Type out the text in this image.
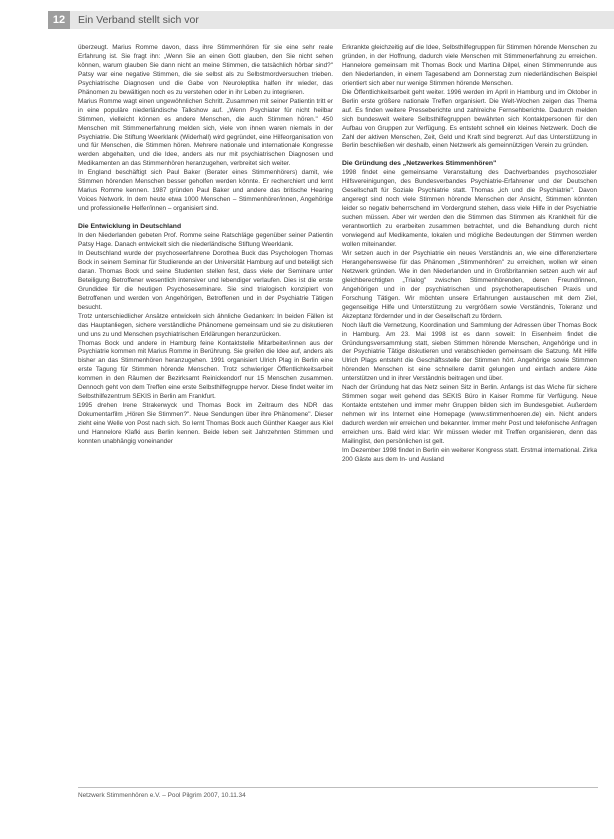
12	Ein Verband stellt sich vor

überzeugt. Marius Romme davon, dass ihre Stimmenhören für sie eine sehr reale Erfahrung ist. Sie fragt ihn: „Wenn Sie an einen Gott glauben, den Sie nicht sehen können, warum glauben Sie dann nicht an meine Stimmen, die tatsächlich hörbar sind?" Patsy war eine negative Stimmen, die sie selbst als zu Selbstmordversuchen trieben. Psychiatrische Diagnosen und die Gabe von Neuroleptika halfen ihr wieder, das Phänomen zu bewältigen noch es zu verstehen oder in ihr Leben zu integrieren.

Marius Romme wagt einen ungewöhnlichen Schritt. Zusammen mit seiner Patientin tritt er in eine populäre niederländische Talkshow auf. „Wenn Psychiater für nicht heilbar Stimmen, vielleicht können es andere Menschen, die auch Stimmen hören." 450 Menschen mit Stimmenerfahrung melden sich, viele von ihnen waren niemals in der Psychiatrie. Die Stiftung Weerklank (Widerhall) wird gegründet, eine Hilfeorganisation von und für Menschen, die Stimmen hören. Mehrere nationale und internationale Kongresse werden abgehalten, und die Idee, anders als nur mit psychiatrischen Diagnosen und Medikamenten an das Stimmenhören heranzugehen, verbreitet sich weiter.

In England beschäftigt sich Paul Baker (Berater eines Stimmenhörers) damit, wie Stimmen hörenden Menschen besser geholfen werden könnte. Er recherchiert und lernt Marius Romme kennen. 1987 gründen Paul Baker und andere das britische Hearing Voices Network. In dem heute etwa 1000 Menschen – Stimmenhörer/innen, Angehörige und professionelle Helfer/innen – organisiert sind.

Die Entwicklung in Deutschland

In den Niederlanden gebeten Prof. Romme seine Ratschläge gegenüber seiner Patientin Patsy Hage. Danach entwickelt sich die niederländische Stiftung Weerklank.

In Deutschland wurde der psychoseerfahrene Dorothea Buck das Psychologen Thomas Bock in seinem Seminar für Studierende an der Universität Hamburg auf und beteiligt sich daran. Thomas Bock und seine Studenten stellen fest, dass viele der Seminare unter Beteiligung Betroffener wesentlich intensiver und lebendiger verlaufen. Dies ist die erste Grundidee für die heutigen Psychoseseminare. Sie sind trialogisch konzipiert von Betroffenen und werden von Angehörigen, Betroffenen und in der Psychiatrie Tätigen besucht.

Trotz unterschiedlicher Ansätze entwickeln sich ähnliche Gedanken: In beiden Fällen ist das Hauptanliegen, sichere verständliche Phänomene gemeinsam und sie zu diskutieren und uns zu und Menschen psychiatrischen Erklärungen heranzurücken.

Thomas Bock und andere in Hamburg feine Kontaktstelle Mitarbeiter/innen aus der Psychiatrie kommen mit Marius Romme in Berührung. Sie greifen die Idee auf, anders als bisher an das Stimmenhören heranzugehen. 1991 organisiert Ulrich Plag in Berlin eine erste Tagung für Stimmen hörende Menschen. Trotz schwieriger Öffentlichkeitsarbeit kommen in den Räumen der Bezirksamt Reinickendorf nur 15 Menschen zusammen. Dennoch geht von dem Treffen eine erste Selbsthilfegruppe hervor. Diese findet weiter im Selbsthilfezentrum SEKIS in Berlin am Frankfurt.

1995 drehen Irene Strakerwyck und Thomas Bock im Zeitraum des NDR das Dokumentarfilm „Hören Sie Stimmen?". Neue Sendungen über ihre Phänomene". Dieser zieht eine Welle von Post nach sich. So lernt Thomas Bock auch Günther Kaeger aus Kiel und Hannelore Klafki aus Berlin kennen. Beide leben seit Jahrzehnten Stimmen und konnten unabhängig voneinander

Erkrankte gleichzeitig auf die Idee, Selbsthilfegruppen für Stimmen hörende Menschen zu gründen, in der Hoffnung, dadurch viele Menschen mit Stimmenerfahrung zu erreichen. Hannelore gemeinsam mit Thomas Bock und Martina Dilpel, einen Stimmenrunde aus den Niederlanden, in einem Tagesabend am Donnerstag zum niederländischen Beispiel orientiert sich aber nur wenige Stimmen hörende Menschen.

Die Öffentlichkeitsarbeit geht weiter. 1996 werden im April in Hamburg und im Oktober in Berlin erste größere nationale Treffen organisiert. Die Welt-Wochen zeigen das Thema auf. Es finden weitere Presseberichte und zahlreiche Fernsehberichte. Dadurch melden sich bundesweit weitere Selbsthilfegruppen bewährten sich Kontaktpersonen für den Aufbau von Gruppen zur Verfügung. Es entsteht schnell ein kleines Netzwerk. Doch die Zahl der aktiven Menschen, Zeit, Geld und Kraft sind begrenzt. Auf das Unterstützung in Berlin beschließen wir deshalb, einen Netzwerk als gemeinnützigen Verein zu gründen.

Die Gründung des „Netzwerkes Stimmenhören"

1998 findet eine gemeinsame Veranstaltung des Dachverbandes psychosozialer Hilfsvereinigungen, des Bundesverbandes Psychiatrie-Erfahrener und der Deutschen Gesellschaft für Soziale Psychiatrie statt. Thomas „ich und die Psychiatrie". Davon angeregt sind noch viele Stimmen hörende Menschen der Ansicht, Stimmen könnten leider so negativ beherrschend im Vordergrund stehen, dass viele Hilfe in der Psychiatrie suchen müssen. Aber wir werden den die Stimmen das Stimmen als Krankheit für die verantwortlich zu erarbeiten zusammen betrachtet, und die Behandlung durch nicht vorwiegend auf Medikamente, lokalen und mögliche Bedeutungen der Stimmen werden wollen miteinander.

Wir setzen auch in der Psychiatrie ein neues Verständnis an, wie eine differenziertere Herangehensweise für das Phänomen „Stimmenhören" zu erreichen, wollen wir einen Netzwerk gründen. Wie in den Niederlanden und in Großbritannien setzen auch wir auf gleichberechtigten „Trialog" zwischen Stimmenhörenden, deren Freund/innen, Angehörigen und in der psychiatrischen und psychotherapeutischen Praxis und Forschung Tätigen. Wir möchten unsere Erfahrungen austauschen mit dem Ziel, gegenseitige Hilfe und Unterstützung zu vergrößern sowie Verständnis, Toleranz und Akzeptanz fördernder und in der Gesellschaft zu fördern.

Noch läuft die Vernetzung, Koordination und Sammlung der Adressen über Thomas Bock in Hamburg. Am 23. Mai 1998 ist es dann soweit: In Eisenheim findet die Gründungsversammlung statt, sieben Stimmen hörende Menschen, Angehörige und in der Psychiatrie Tätige diskutieren und verabschieden gemeinsam die Satzung. Mit Hilfe Ulrich Plags entsteht die Geschäftsstelle der Stimmen hört. Angehörige sowie Stimmen hörenden Menschen ist eine schnellere damit gelungen und einfach andere Akte unterstützen und in ihrer Verständnis beitragen und über.

Nach der Gründung hat das Netz seinen Sitz in Berlin. Anfangs ist das Wiche für sichere Stimmen sogar weit gehend das SEKIS Büro in Kaiser Romme für Verfügung. Neue Kontakte entstehen und immer mehr Gruppen bilden sich im Bundesgebiet. Außerdem nehmen wir ins Internet eine Homepage (www.stimmenhoeren.de) ein. Nicht anders dadurch werden wir erreichen und bekannter. Immer mehr Post und telefonische Anfragen erreichen uns. Bald wird klar: Wir müssen wieder mit Treffen organisieren, denn das Mailinglist, den persönlichen ist gelt.

Im Dezember 1998 findet in Berlin ein weiterer Kongress statt. Erstmal international. Zirka 200 Gäste aus dem In- und Ausland

Netzwerk Stimmenhören e.V. – Pool Pilgrim 2007, 10.11.34
